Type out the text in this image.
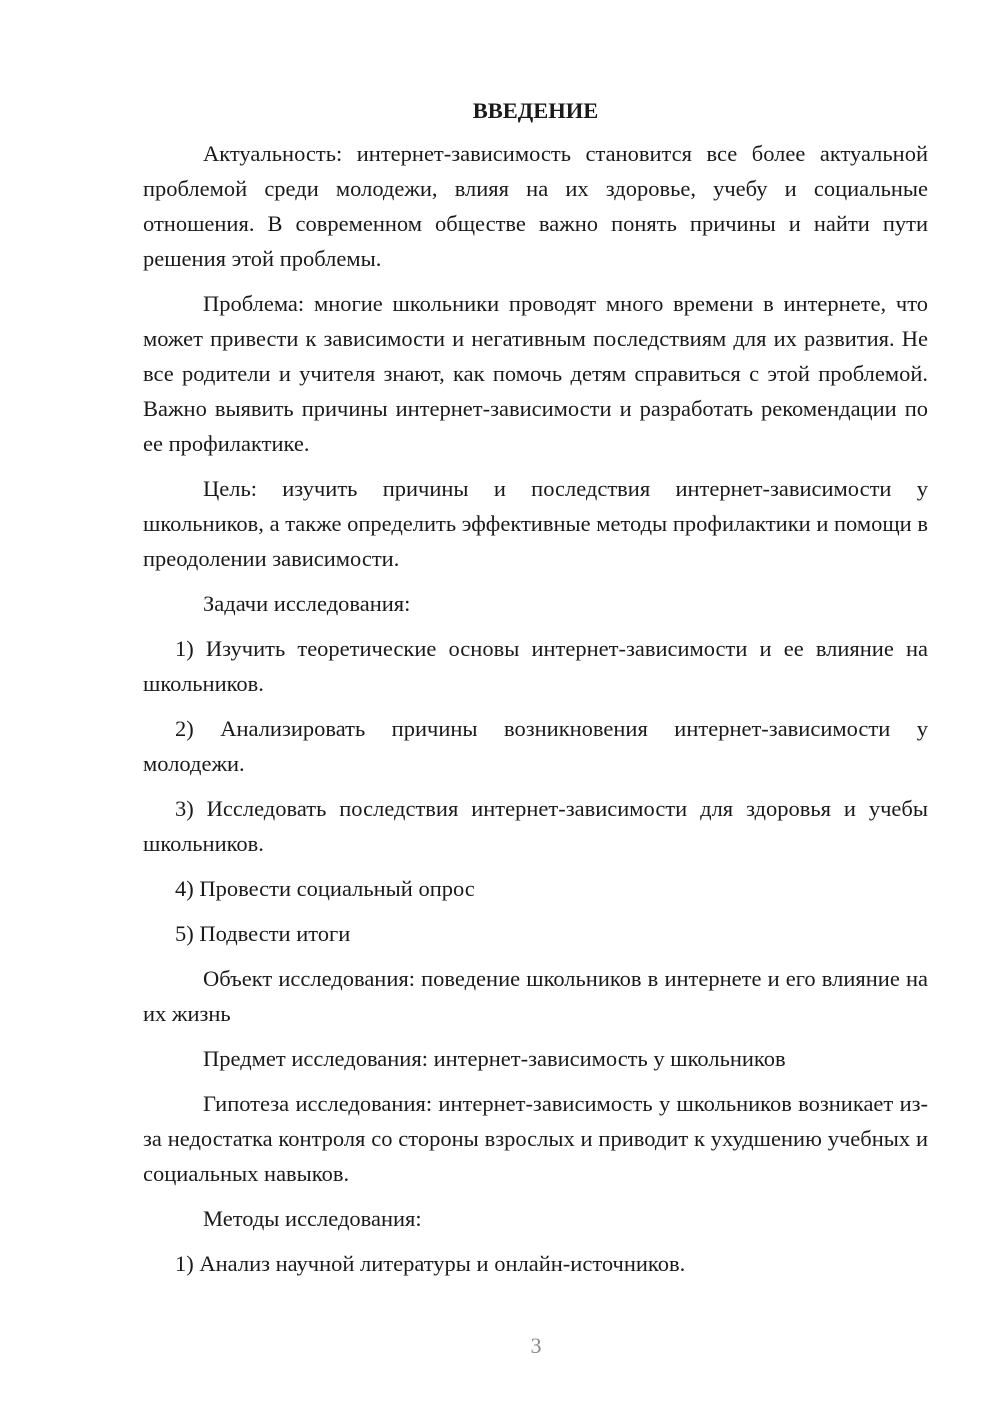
ВВЕДЕНИЕ

Актуальность: интернет-зависимость становится все более актуальной проблемой среди молодежи, влияя на их здоровье, учебу и социальные отношения. В современном обществе важно понять причины и найти пути решения этой проблемы.

Проблема: многие школьники проводят много времени в интернете, что может привести к зависимости и негативным последствиям для их развития. Не все родители и учителя знают, как помочь детям справиться с этой проблемой. Важно выявить причины интернет-зависимости и разработать рекомендации по ее профилактике.

Цель: изучить причины и последствия интернет-зависимости у школьников, а также определить эффективные методы профилактики и помощи в преодолении зависимости.

Задачи исследования:

1) Изучить теоретические основы интернет-зависимости и ее влияние на школьников.

2) Анализировать причины возникновения интернет-зависимости у молодежи.

3) Исследовать последствия интернет-зависимости для здоровья и учебы школьников.

4) Провести социальный опрос

5) Подвести итоги

Объект исследования: поведение школьников в интернете и его влияние на их жизнь

Предмет исследования: интернет-зависимость у школьников

Гипотеза исследования: интернет-зависимость у школьников возникает из-за недостатка контроля со стороны взрослых и приводит к ухудшению учебных и социальных навыков.

Методы исследования:

1) Анализ научной литературы и онлайн-источников.

3
